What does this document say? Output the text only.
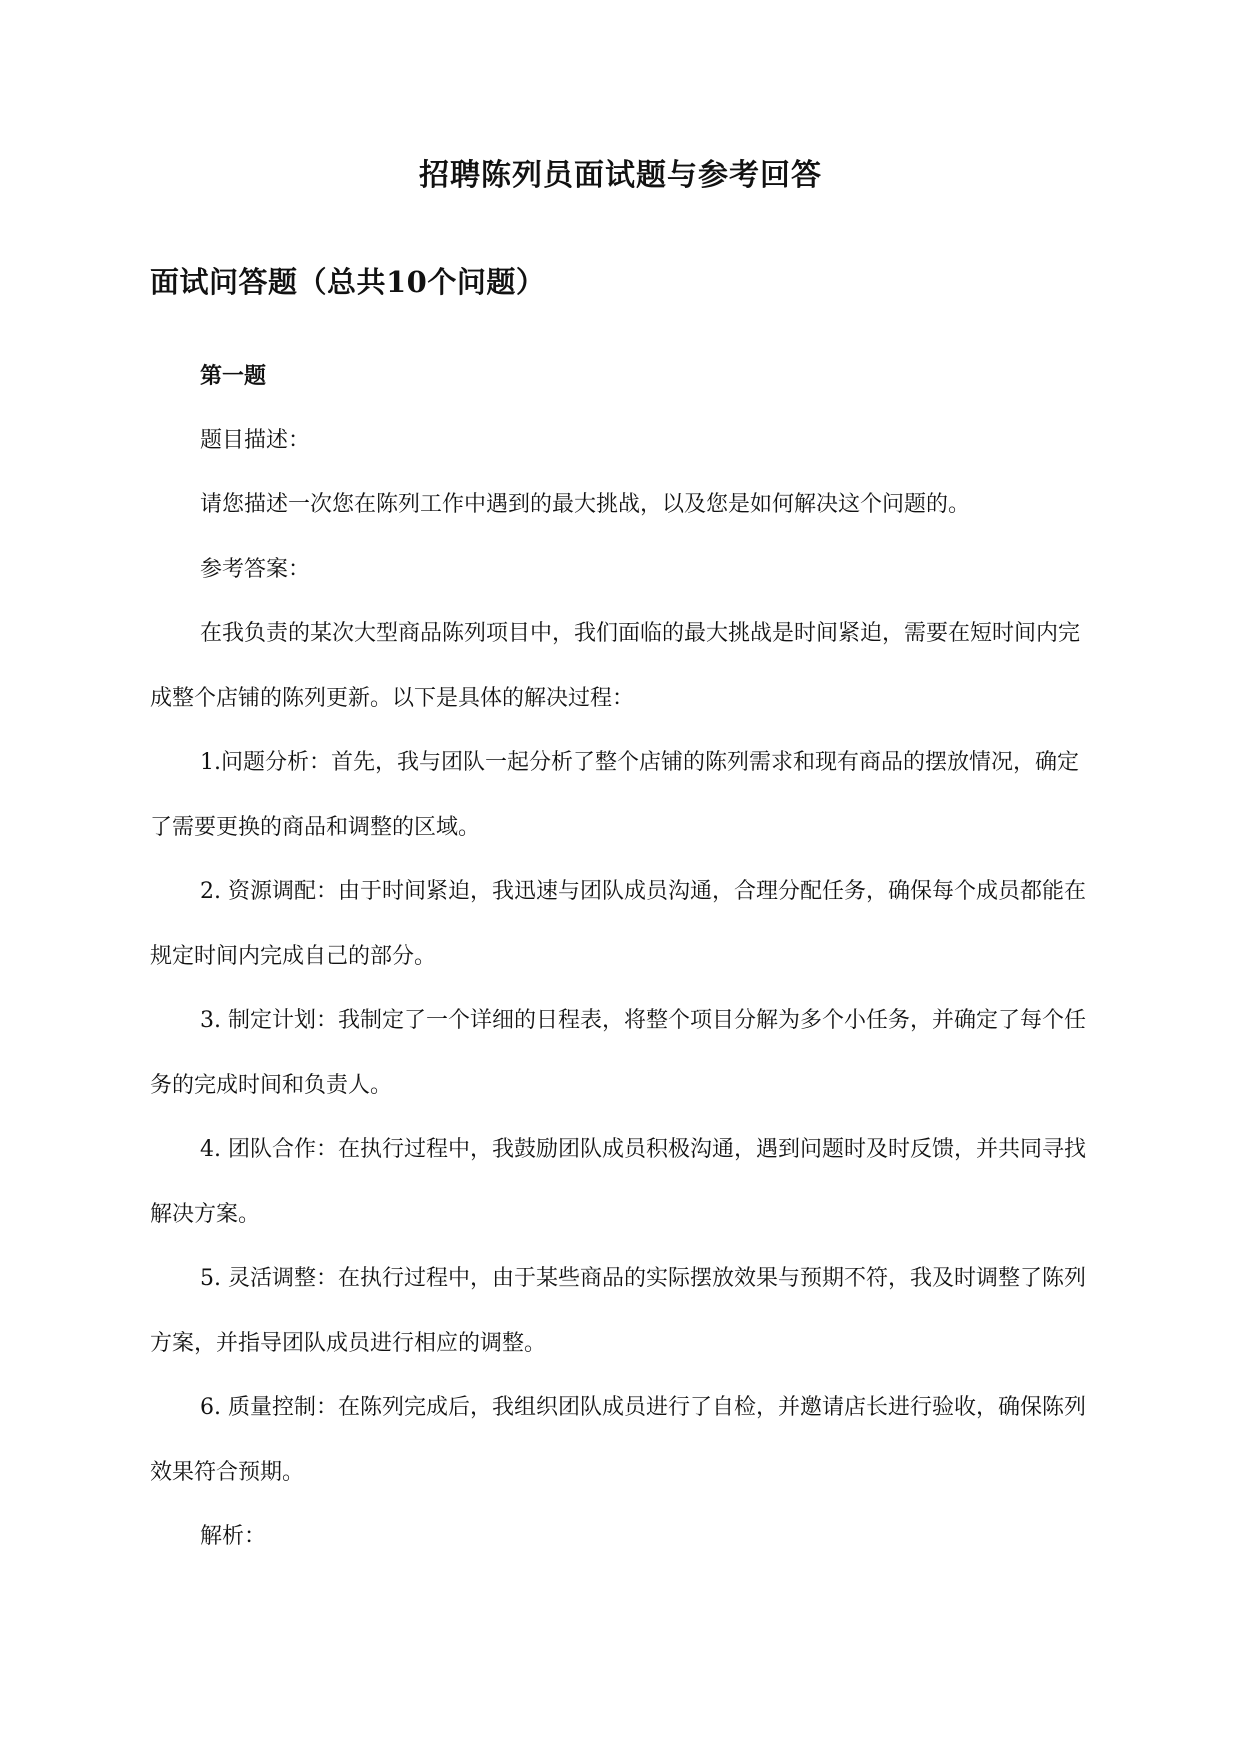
招聘陈列员面试题与参考回答
面试问答题（总共10个问题）

第一题

题目描述：

请您描述一次您在陈列工作中遇到的最大挑战，以及您是如何解决这个问题的。

参考答案：

在我负责的某次大型商品陈列项目中，我们面临的最大挑战是时间紧迫，需要在短时间内完成整个店铺的陈列更新。以下是具体的解决过程：

1.问题分析：首先，我与团队一起分析了整个店铺的陈列需求和现有商品的摆放情况，确定了需要更换的商品和调整的区域。

2. 资源调配：由于时间紧迫，我迅速与团队成员沟通，合理分配任务，确保每个成员都能在规定时间内完成自己的部分。

3. 制定计划：我制定了一个详细的日程表，将整个项目分解为多个小任务，并确定了每个任务的完成时间和负责人。

4. 团队合作：在执行过程中，我鼓励团队成员积极沟通，遇到问题时及时反馈，并共同寻找解决方案。

5. 灵活调整：在执行过程中，由于某些商品的实际摆放效果与预期不符，我及时调整了陈列方案，并指导团队成员进行相应的调整。

6. 质量控制：在陈列完成后，我组织团队成员进行了自检，并邀请店长进行验收，确保陈列效果符合预期。

解析：
